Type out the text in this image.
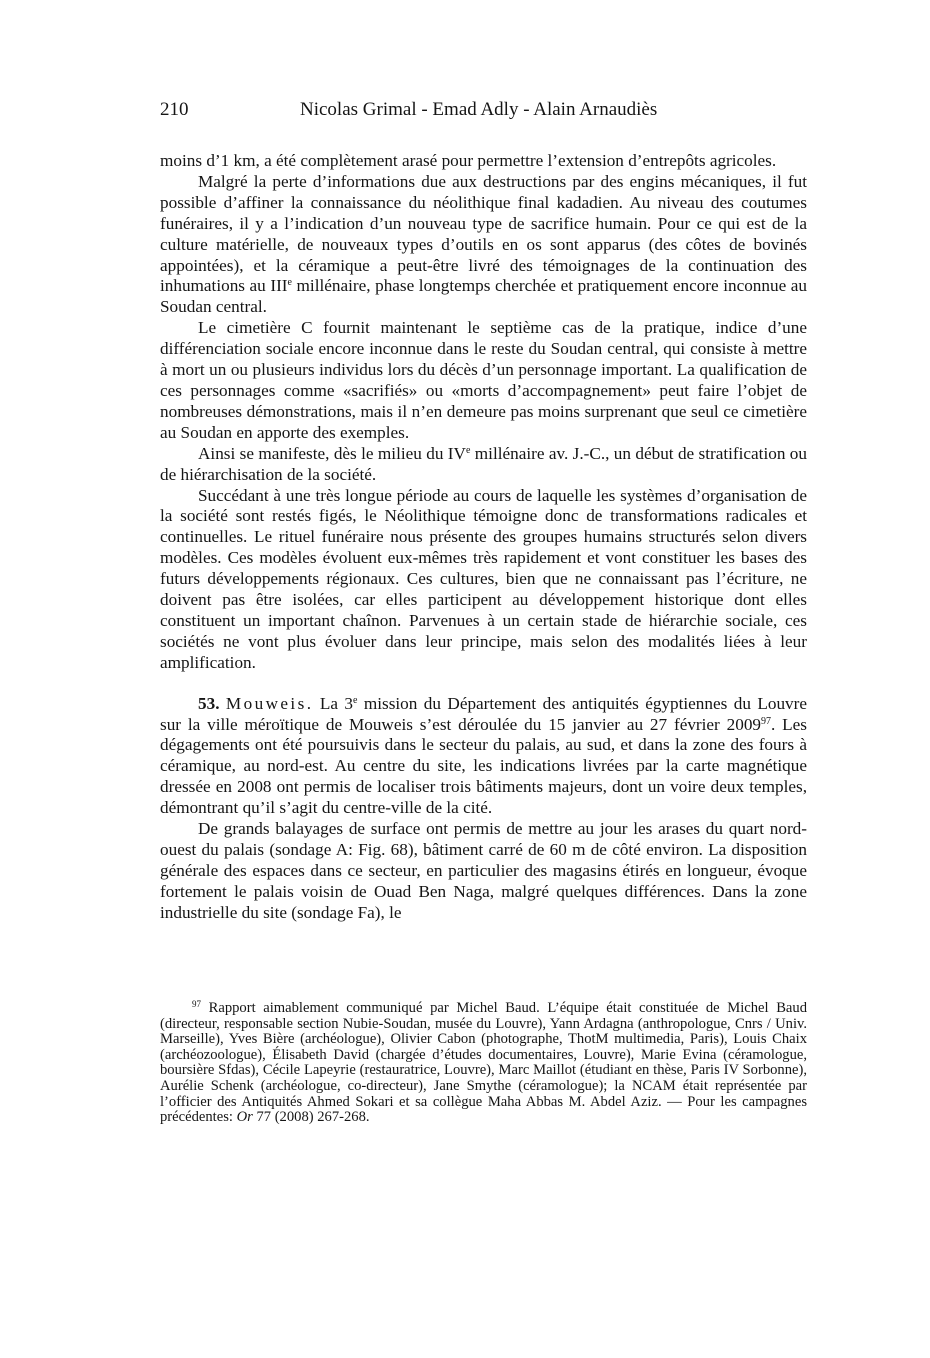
210	Nicolas Grimal - Emad Adly - Alain Arnaudiès

moins d’1 km, a été complètement arasé pour permettre l’extension d’entrepôts agricoles.

Malgré la perte d’informations due aux destructions par des engins mécaniques, il fut possible d’affiner la connaissance du néolithique final kadadien. Au niveau des coutumes funéraires, il y a l’indication d’un nouveau type de sacrifice humain. Pour ce qui est de la culture matérielle, de nouveaux types d’outils en os sont apparus (des côtes de bovinés appointées), et la céramique a peut-être livré des témoignages de la continuation des inhumations au IIIe millénaire, phase longtemps cherchée et pratiquement encore inconnue au Soudan central.

Le cimetière C fournit maintenant le septième cas de la pratique, indice d’une différenciation sociale encore inconnue dans le reste du Soudan central, qui consiste à mettre à mort un ou plusieurs individus lors du décès d’un personnage important. La qualification de ces personnages comme «sacrifiés» ou «morts d’accompagnement» peut faire l’objet de nombreuses démonstrations, mais il n’en demeure pas moins surprenant que seul ce cimetière au Soudan en apporte des exemples.

Ainsi se manifeste, dès le milieu du IVe millénaire av. J.-C., un début de stratification ou de hiérarchisation de la société.

Succédant à une très longue période au cours de laquelle les systèmes d’organisation de la société sont restés figés, le Néolithique témoigne donc de transformations radicales et continuelles. Le rituel funéraire nous présente des groupes humains structurés selon divers modèles. Ces modèles évoluent eux-mêmes très rapidement et vont constituer les bases des futurs développements régionaux. Ces cultures, bien que ne connaissant pas l’écriture, ne doivent pas être isolées, car elles participent au développement historique dont elles constituent un important chaînon. Parvenues à un certain stade de hiérarchie sociale, ces sociétés ne vont plus évoluer dans leur principe, mais selon des modalités liées à leur amplification.

53. Mouweis. La 3e mission du Département des antiquités égyptiennes du Louvre sur la ville méroïtique de Mouweis s’est déroulée du 15 janvier au 27 février 2009$^{97}$. Les dégagements ont été poursuivis dans le secteur du palais, au sud, et dans la zone des fours à céramique, au nord-est. Au centre du site, les indications livrées par la carte magnétique dressée en 2008 ont permis de localiser trois bâtiments majeurs, dont un voire deux temples, démontrant qu’il s’agit du centre-ville de la cité.

De grands balayages de surface ont permis de mettre au jour les arases du quart nord-ouest du palais (sondage A: Fig. 68), bâtiment carré de 60 m de côté environ. La disposition générale des espaces dans ce secteur, en particulier des magasins étirés en longueur, évoque fortement le palais voisin de Ouad Ben Naga, malgré quelques différences. Dans la zone industrielle du site (sondage Fa), le

$^{97}$ Rapport aimablement communiqué par Michel Baud. L’équipe était constituée de Michel Baud (directeur, responsable section Nubie-Soudan, musée du Louvre), Yann Ardagna (anthropologue, Cnrs / Univ. Marseille), Yves Bière (archéologue), Olivier Cabon (photographe, ThotM multimedia, Paris), Louis Chaix (archéozoologue), Élisabeth David (chargée d’études documentaires, Louvre), Marie Evina (céramologue, boursière Sfdas), Cécile Lapeyrie (restauratrice, Louvre), Marc Maillot (étudiant en thèse, Paris IV Sorbonne), Aurélie Schenk (archéologue, co-directeur), Jane Smythe (céramologue); la NCAM était représentée par l’officier des Antiquités Ahmed Sokari et sa collègue Maha Abbas M. Abdel Aziz. — Pour les campagnes précédentes: Or 77 (2008) 267-268.
